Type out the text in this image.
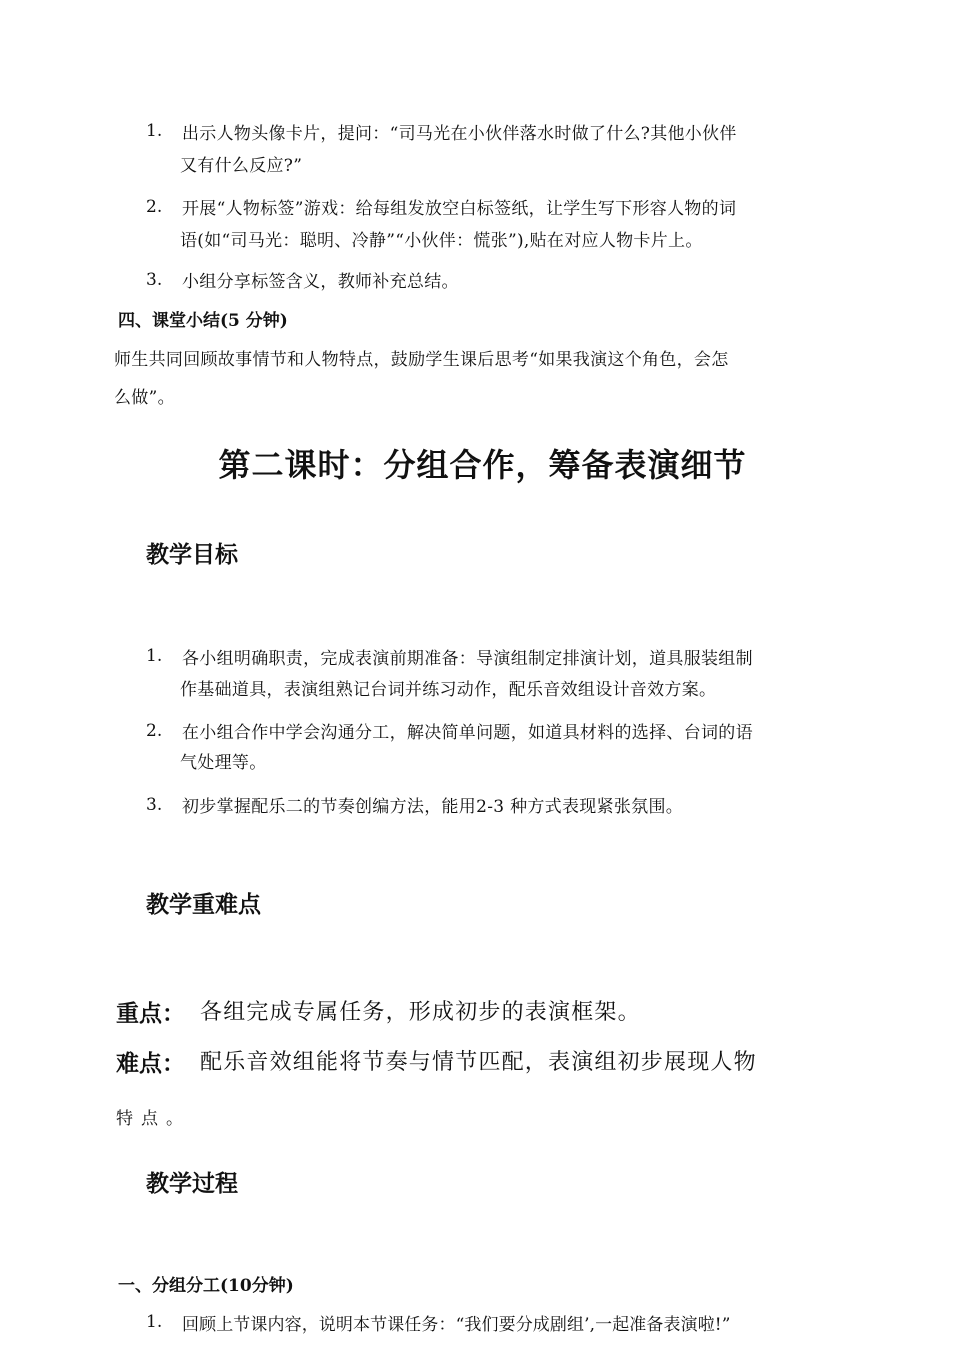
1. 出示人物头像卡片，提问：“司马光在小伙伴落水时做了什么?其他小伙伴
又有什么反应?”
2. 开展“人物标签”游戏：给每组发放空白标签纸，让学生写下形容人物的词
语(如“司马光：聪明、冷静”“小伙伴：慌张”),贴在对应人物卡片上。
3. 小组分享标签含义，教师补充总结。
四、课堂小结(5 分钟)
师生共同回顾故事情节和人物特点，鼓励学生课后思考“如果我演这个角色，会怎
么做”。
第二课时：分组合作，筹备表演细节
教学目标
1. 各小组明确职责，完成表演前期准备：导演组制定排演计划，道具服装组制
作基础道具，表演组熟记台词并练习动作，配乐音效组设计音效方案。
2. 在小组合作中学会沟通分工，解决简单问题，如道具材料的选择、台词的语
气处理等。
3. 初步掌握配乐二的节奏创编方法，能用2-3 种方式表现紧张氛围。
教学重难点
重点： 各组完成专属任务，形成初步的表演框架。
难点： 配乐音效组能将节奏与情节匹配，表演组初步展现人物
特点。
教学过程
一、分组分工(10分钟)
1. 回顾上节课内容，说明本节课任务：“我们要分成剧组’,一起准备表演啦!”
